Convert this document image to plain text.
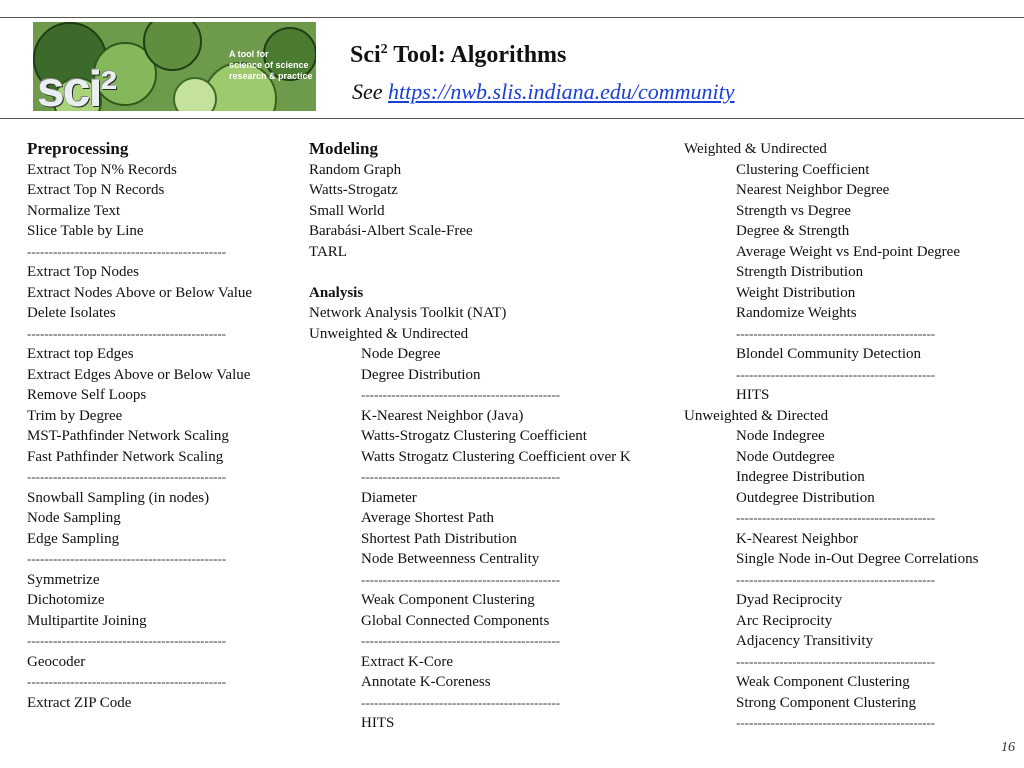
sci²
A tool for
science of science
research & practice
Sci$^2$ Tool: Algorithms
See https://nwb.slis.indiana.edu/community
Preprocessing
Extract Top N% Records
Extract Top N Records
Normalize Text
Slice Table by Line
----------------------------------------------
Extract Top Nodes
Extract Nodes Above or Below Value
Delete Isolates
----------------------------------------------
Extract top Edges
Extract Edges Above or Below Value
Remove Self Loops
Trim by Degree
MST-Pathfinder Network Scaling
Fast Pathfinder Network Scaling
----------------------------------------------
Snowball Sampling (in nodes)
Node Sampling
Edge Sampling
----------------------------------------------
Symmetrize
Dichotomize
Multipartite Joining
----------------------------------------------
Geocoder
----------------------------------------------
Extract ZIP Code
Modeling
Random Graph
Watts-Strogatz
Small World
Barabási-Albert Scale-Free
TARL
Analysis
Network Analysis Toolkit (NAT)
Unweighted & Undirected
Node Degree
Degree Distribution
----------------------------------------------
K-Nearest Neighbor (Java)
Watts-Strogatz Clustering Coefficient
Watts Strogatz Clustering Coefficient over K
----------------------------------------------
Diameter
Average Shortest Path
Shortest Path Distribution
Node Betweenness Centrality
----------------------------------------------
Weak Component Clustering
Global Connected Components
----------------------------------------------
Extract K-Core
Annotate K-Coreness
----------------------------------------------
HITS
Weighted & Undirected
Clustering Coefficient
Nearest Neighbor Degree
Strength vs Degree
Degree & Strength
Average Weight vs End-point Degree
Strength Distribution
Weight Distribution
Randomize Weights
----------------------------------------------
Blondel Community Detection
----------------------------------------------
HITS
Unweighted & Directed
Node Indegree
Node Outdegree
Indegree Distribution
Outdegree Distribution
----------------------------------------------
K-Nearest Neighbor
Single Node in-Out Degree Correlations
----------------------------------------------
Dyad Reciprocity
Arc Reciprocity
Adjacency Transitivity
----------------------------------------------
Weak Component Clustering
Strong Component Clustering
----------------------------------------------
16
